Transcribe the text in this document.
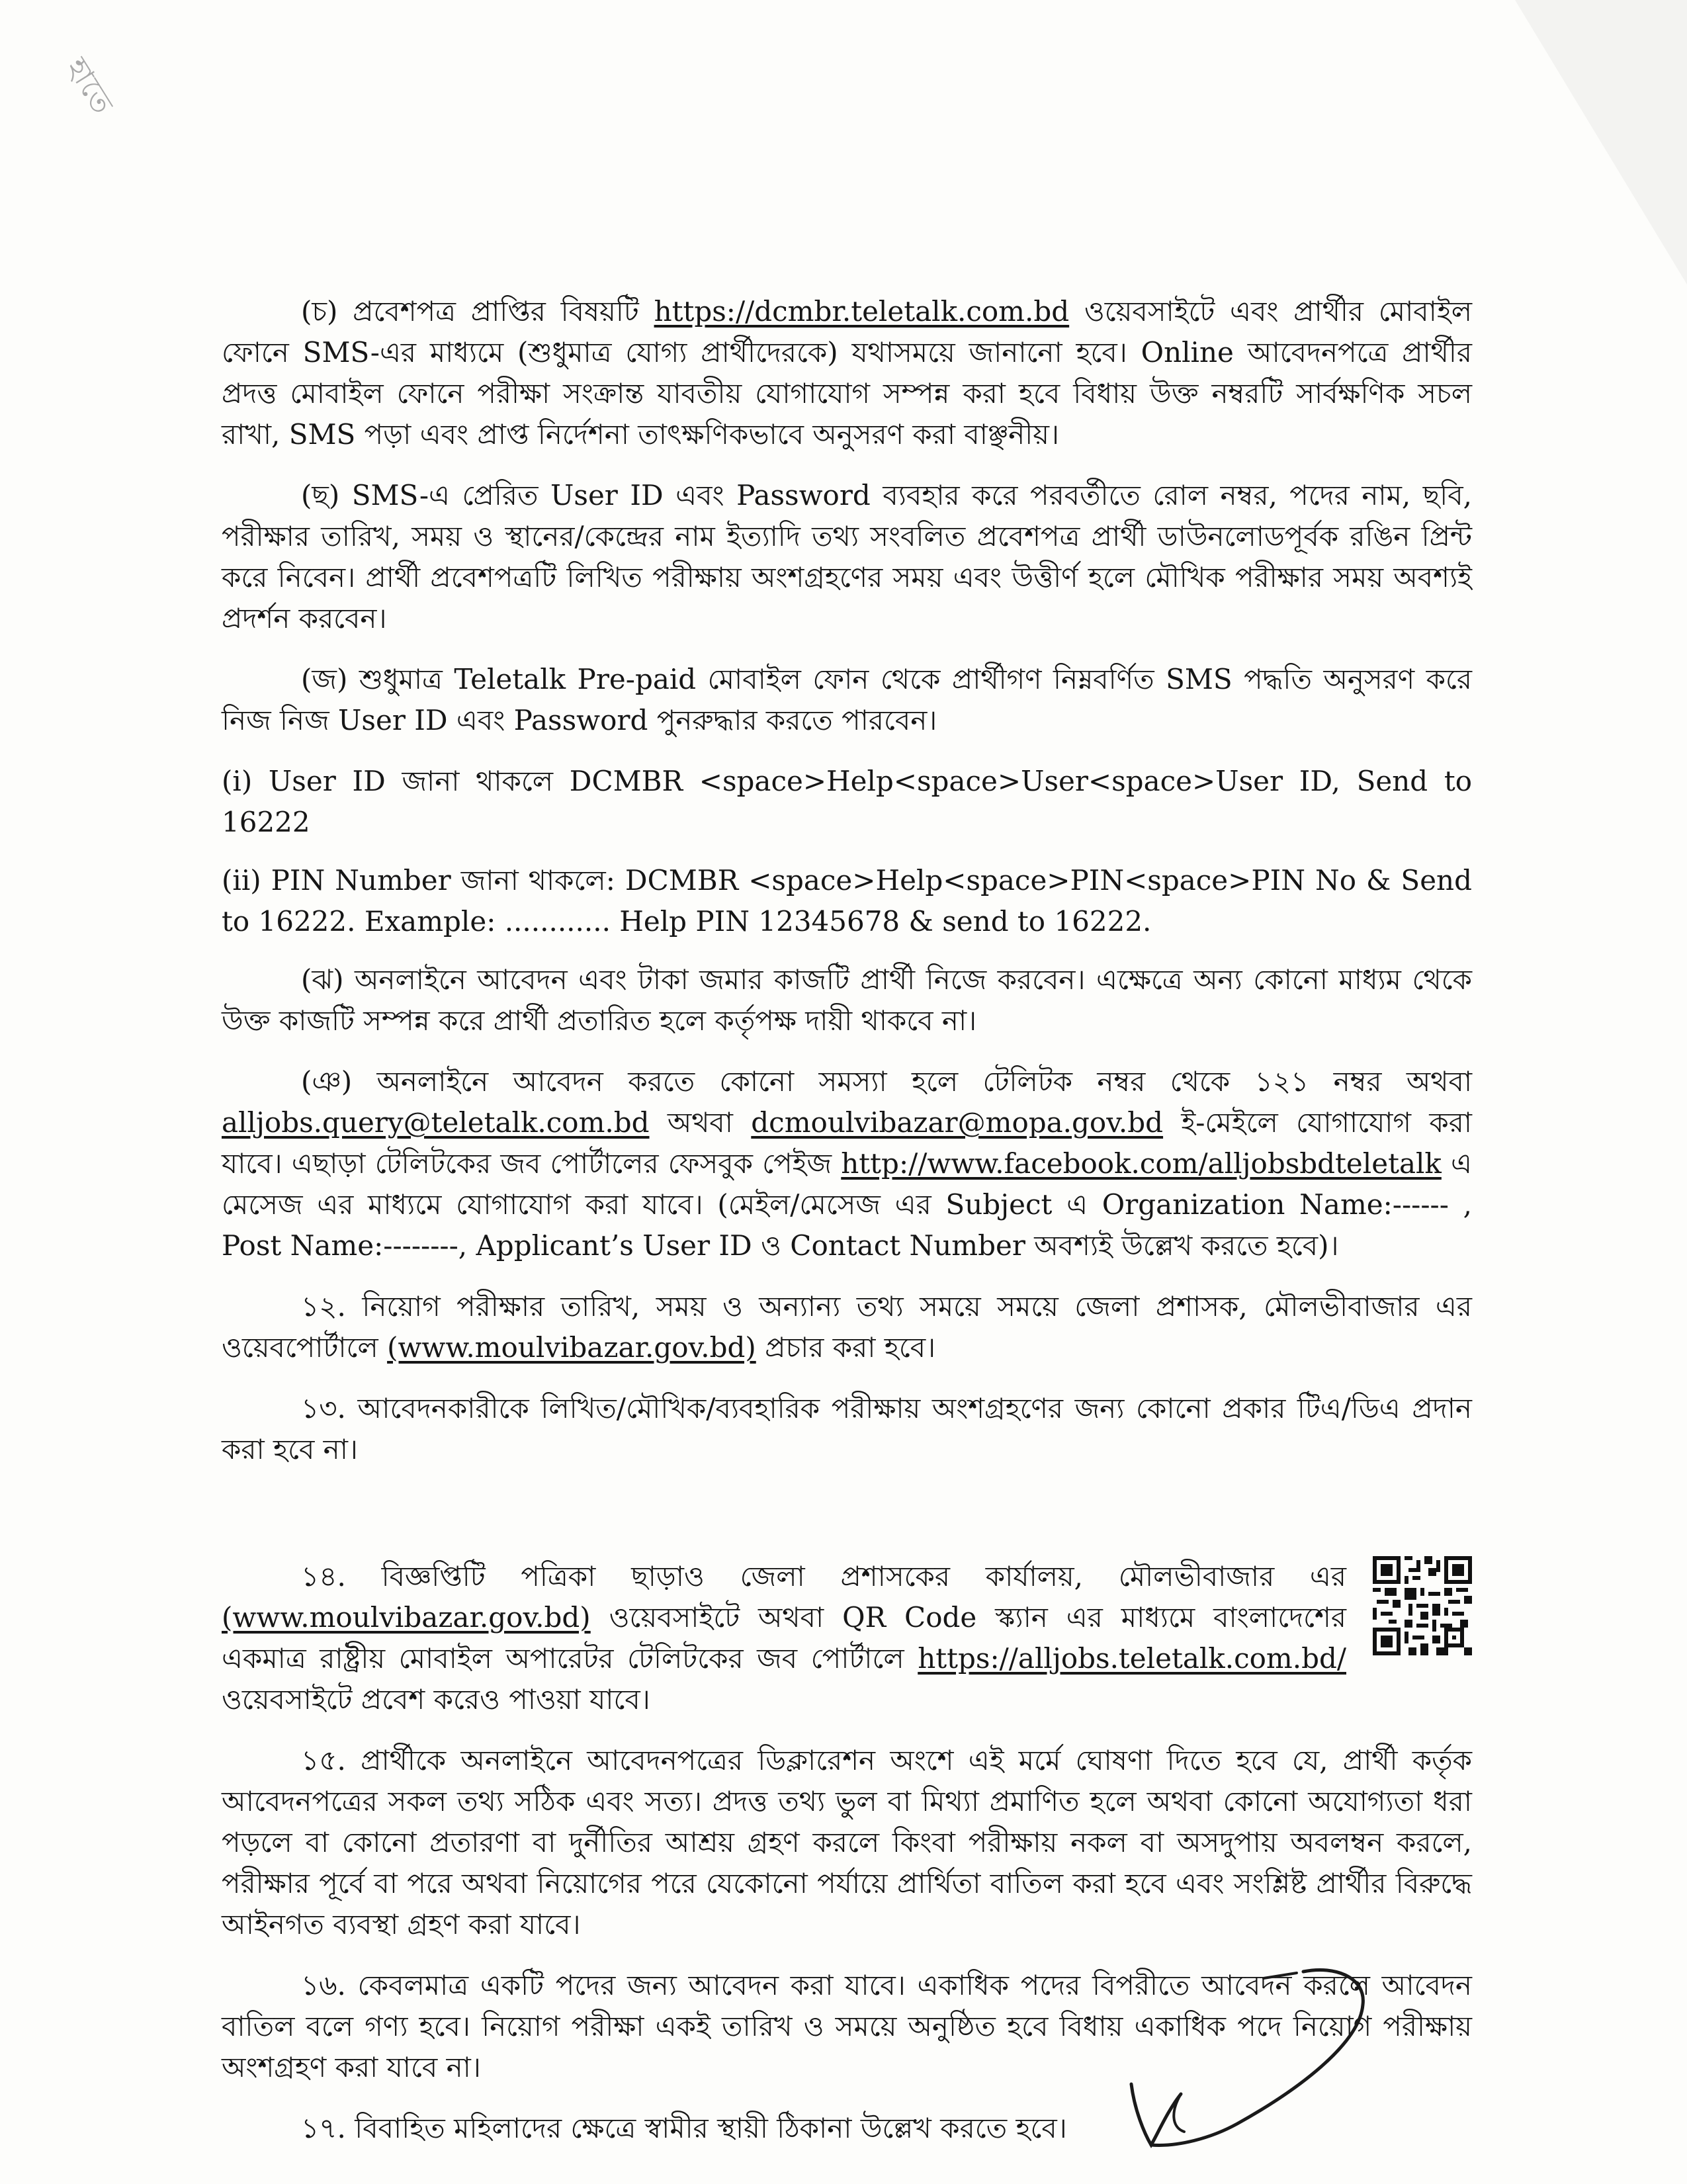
হাতে

(চ) প্রবেশপত্র প্রাপ্তির বিষয়টি https://dcmbr.teletalk.com.bd ওয়েবসাইটে এবং প্রার্থীর মোবাইল ফোনে SMS-এর মাধ্যমে (শুধুমাত্র যোগ্য প্রার্থীদেরকে) যথাসময়ে জানানো হবে। Online আবেদনপত্রে প্রার্থীর প্রদত্ত মোবাইল ফোনে পরীক্ষা সংক্রান্ত যাবতীয় যোগাযোগ সম্পন্ন করা হবে বিধায় উক্ত নম্বরটি সার্বক্ষণিক সচল রাখা, SMS পড়া এবং প্রাপ্ত নির্দেশনা তাৎক্ষণিকভাবে অনুসরণ করা বাঞ্ছনীয়।

(ছ) SMS-এ প্রেরিত User ID এবং Password ব্যবহার করে পরবর্তীতে রোল নম্বর, পদের নাম, ছবি, পরীক্ষার তারিখ, সময় ও স্থানের/কেন্দ্রের নাম ইত্যাদি তথ্য সংবলিত প্রবেশপত্র প্রার্থী ডাউনলোডপূর্বক রঙিন প্রিন্ট করে নিবেন। প্রার্থী প্রবেশপত্রটি লিখিত পরীক্ষায় অংশগ্রহণের সময় এবং উত্তীর্ণ হলে মৌখিক পরীক্ষার সময় অবশ্যই প্রদর্শন করবেন।

(জ) শুধুমাত্র Teletalk Pre-paid মোবাইল ফোন থেকে প্রার্থীগণ নিম্নবর্ণিত SMS পদ্ধতি অনুসরণ করে নিজ নিজ User ID এবং Password পুনরুদ্ধার করতে পারবেন।

(i) User ID জানা থাকলে DCMBR <space>Help<space>User<space>User ID, Send to 16222

(ii) PIN Number জানা থাকলে: DCMBR <space>Help<space>PIN<space>PIN No & Send to 16222. Example: ............ Help PIN 12345678 & send to 16222.

(ঝ) অনলাইনে আবেদন এবং টাকা জমার কাজটি প্রার্থী নিজে করবেন। এক্ষেত্রে অন্য কোনো মাধ্যম থেকে উক্ত কাজটি সম্পন্ন করে প্রার্থী প্রতারিত হলে কর্তৃপক্ষ দায়ী থাকবে না।

(ঞ) অনলাইনে আবেদন করতে কোনো সমস্যা হলে টেলিটক নম্বর থেকে ১২১ নম্বর অথবা alljobs.query@teletalk.com.bd অথবা dcmoulvibazar@mopa.gov.bd ই-মেইলে যোগাযোগ করা যাবে। এছাড়া টেলিটকের জব পোর্টালের ফেসবুক পেইজ http://www.facebook.com/alljobsbdteletalk এ মেসেজ এর মাধ্যমে যোগাযোগ করা যাবে। (মেইল/মেসেজ এর Subject এ Organization Name:------ , Post Name:--------, Applicant’s User ID ও Contact Number অবশ্যই উল্লেখ করতে হবে)।

১২. নিয়োগ পরীক্ষার তারিখ, সময় ও অন্যান্য তথ্য সময়ে সময়ে জেলা প্রশাসক, মৌলভীবাজার এর ওয়েবপোর্টালে (www.moulvibazar.gov.bd) প্রচার করা হবে।

১৩. আবেদনকারীকে লিখিত/মৌখিক/ব্যবহারিক পরীক্ষায় অংশগ্রহণের জন্য কোনো প্রকার টিএ/ডিএ প্রদান করা হবে না।

১৪. বিজ্ঞপ্তিটি পত্রিকা ছাড়াও জেলা প্রশাসকের কার্যালয়, মৌলভীবাজার এর (www.moulvibazar.gov.bd) ওয়েবসাইটে অথবা QR Code স্ক্যান এর মাধ্যমে বাংলাদেশের একমাত্র রাষ্ট্রীয় মোবাইল অপারেটর টেলিটকের জব পোর্টালে https://alljobs.teletalk.com.bd/ ওয়েবসাইটে প্রবেশ করেও পাওয়া যাবে।

১৫. প্রার্থীকে অনলাইনে আবেদনপত্রের ডিক্লারেশন অংশে এই মর্মে ঘোষণা দিতে হবে যে, প্রার্থী কর্তৃক আবেদনপত্রের সকল তথ্য সঠিক এবং সত্য। প্রদত্ত তথ্য ভুল বা মিথ্যা প্রমাণিত হলে অথবা কোনো অযোগ্যতা ধরা পড়লে বা কোনো প্রতারণা বা দুর্নীতির আশ্রয় গ্রহণ করলে কিংবা পরীক্ষায় নকল বা অসদুপায় অবলম্বন করলে, পরীক্ষার পূর্বে বা পরে অথবা নিয়োগের পরে যেকোনো পর্যায়ে প্রার্থিতা বাতিল করা হবে এবং সংশ্লিষ্ট প্রার্থীর বিরুদ্ধে আইনগত ব্যবস্থা গ্রহণ করা যাবে।

১৬. কেবলমাত্র একটি পদের জন্য আবেদন করা যাবে। একাধিক পদের বিপরীতে আবেদন করলে আবেদন বাতিল বলে গণ্য হবে। নিয়োগ পরীক্ষা একই তারিখ ও সময়ে অনুষ্ঠিত হবে বিধায় একাধিক পদে নিয়োগ পরীক্ষায় অংশগ্রহণ করা যাবে না।

১৭. বিবাহিত মহিলাদের ক্ষেত্রে স্বামীর স্থায়ী ঠিকানা উল্লেখ করতে হবে।
